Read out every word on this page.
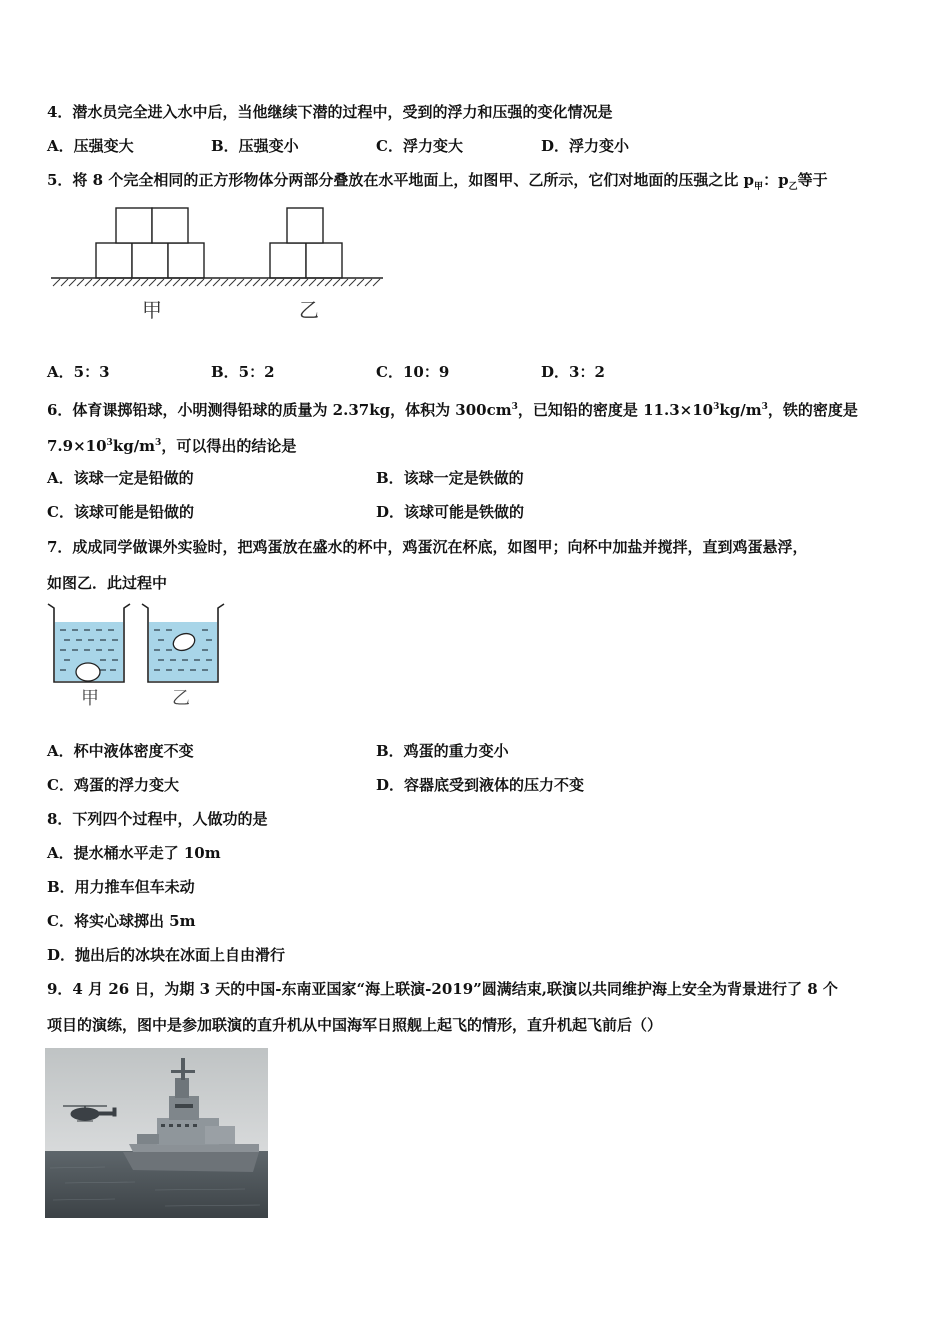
4．潜水员完全进入水中后，当他继续下潜的过程中，受到的浮力和压强的变化情况是
A．压强变大	B．压强变小	C．浮力变大	D．浮力变小
5．将 8 个完全相同的正方形物体分两部分叠放在水平地面上，如图甲、乙所示，它们对地面的压强之比 $p_甲$：$p_乙$等于
甲	乙
A．5：3	B．5：2	C．10：9	D．3：2
6．体育课掷铅球，小明测得铅球的质量为 2.37kg，体积为 $300cm^3$，已知铅的密度是 $11.3\times 10^3kg/m^3$，铁的密度是
$7.9\times 10^3kg/m^3$，可以得出的结论是
A．该球一定是铅做的	B．该球一定是铁做的
C．该球可能是铅做的	D．该球可能是铁做的
7．成成同学做课外实验时，把鸡蛋放在盛水的杯中，鸡蛋沉在杯底，如图甲；向杯中加盐并搅拌，直到鸡蛋悬浮，
如图乙．此过程中
甲	乙
A．杯中液体密度不变	B．鸡蛋的重力变小
C．鸡蛋的浮力变大	D．容器底受到液体的压力不变
8．下列四个过程中，人做功的是
A．提水桶水平走了 10m
B．用力推车但车未动
C．将实心球掷出 5m
D．抛出后的冰块在冰面上自由滑行
9．4 月 26 日，为期 3 天的中国-东南亚国家“海上联演-2019”圆满结束,联演以共同维护海上安全为背景进行了 8 个
项目的演练，图中是参加联演的直升机从中国海军日照舰上起飞的情形，直升机起飞前后（）
